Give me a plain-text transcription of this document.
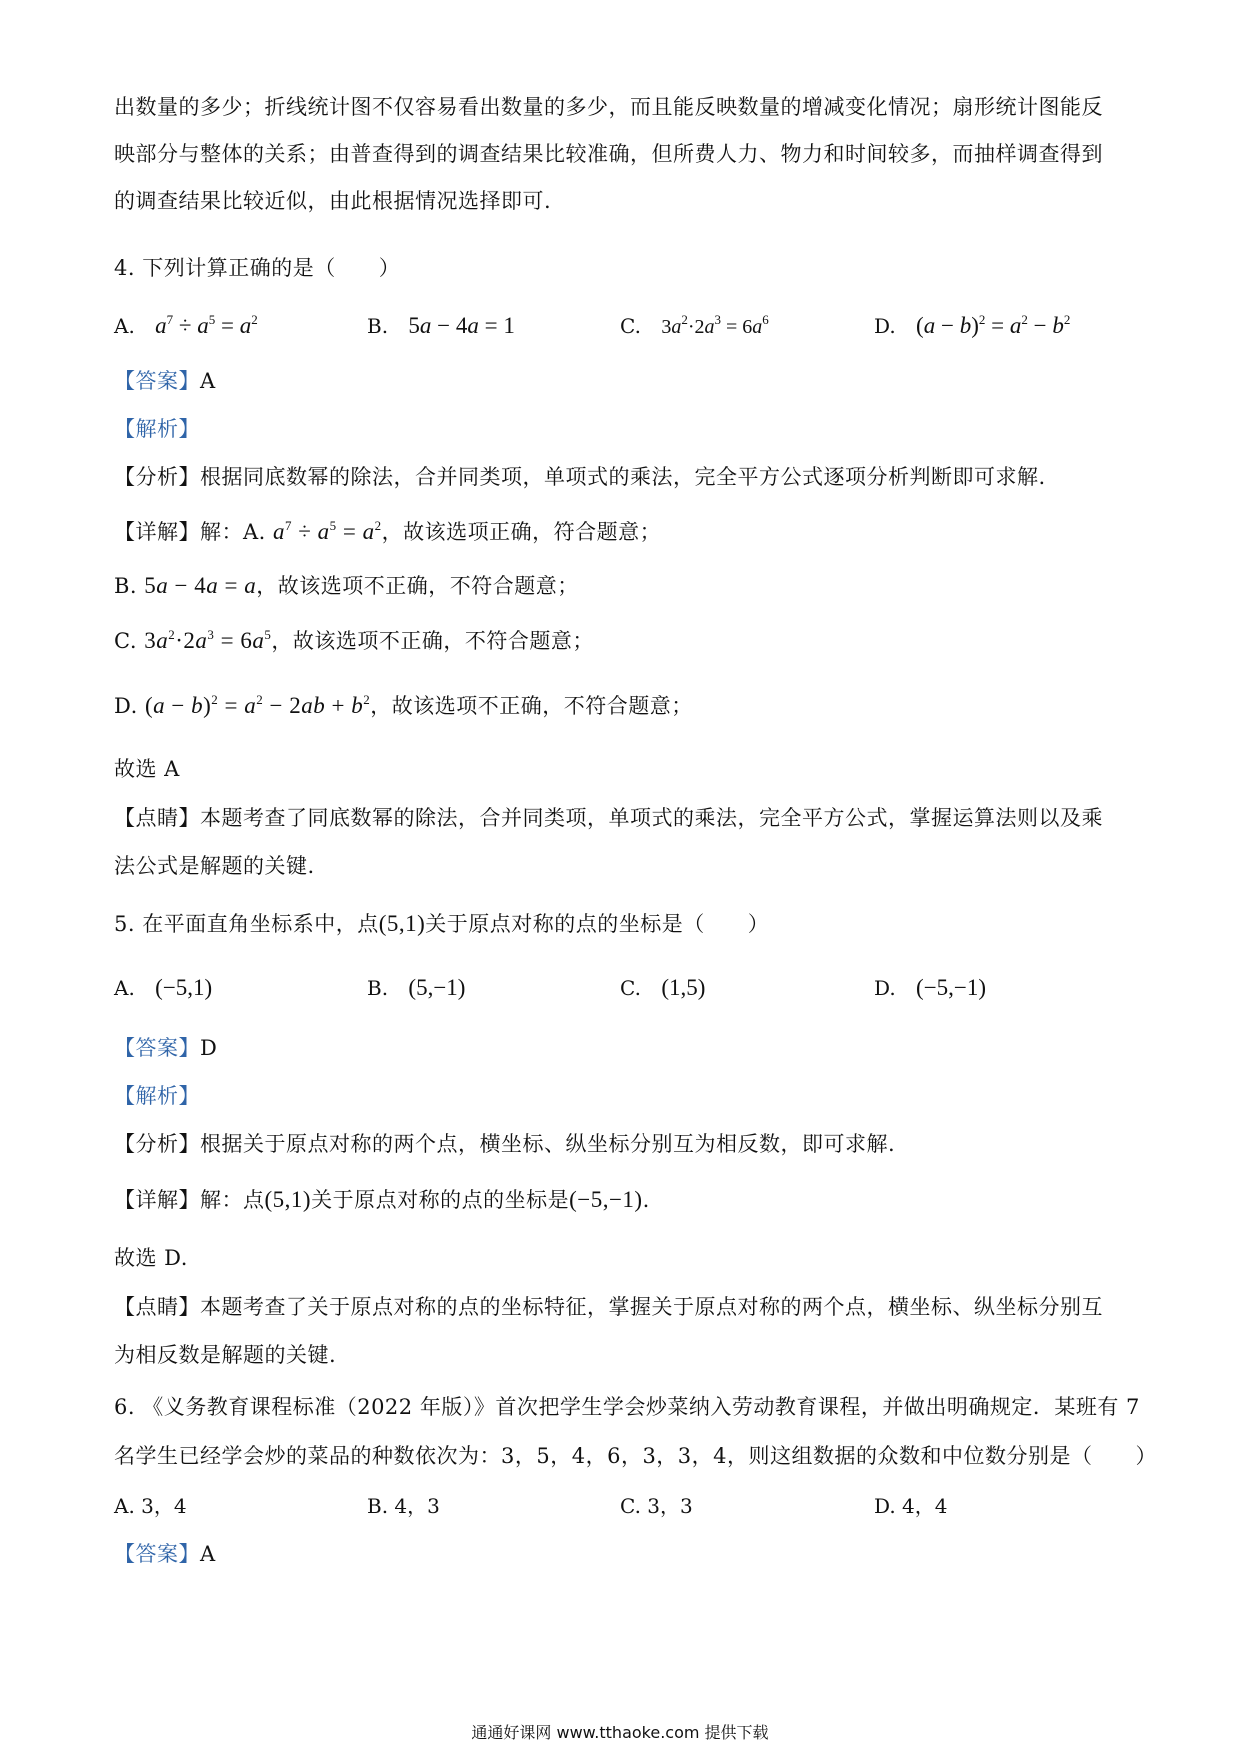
出数量的多少；折线统计图不仅容易看出数量的多少，而且能反映数量的增减变化情况；扇形统计图能反
映部分与整体的关系；由普查得到的调查结果比较准确，但所费人力、物力和时间较多，而抽样调查得到
的调查结果比较近似，由此根据情况选择即可.
4. 下列计算正确的是（　　）
A. $a^7 \div a^5 = a^2$	B. 5a − 4a = 1	C. $3a^2\cdot 2a^3 = 6a^6$	D. $(a - b)^2 = a^2 - b^2$
【答案】A
【解析】
【分析】根据同底数幂的除法，合并同类项，单项式的乘法，完全平方公式逐项分析判断即可求解.
【详解】解：A. $a^7 \div a^5 = a^2$，故该选项正确，符合题意；
B. 5a − 4a = a，故该选项不正确，不符合题意；
C. $3a^2\cdot 2a^3 = 6a^5$，故该选项不正确，不符合题意；
D. $(a - b)^2 = a^2 - 2ab + b^2$，故该选项不正确，不符合题意；
故选 A
【点睛】本题考查了同底数幂的除法，合并同类项，单项式的乘法，完全平方公式，掌握运算法则以及乘
法公式是解题的关键.
5. 在平面直角坐标系中，点(5,1)关于原点对称的点的坐标是（　　）
A. (−5,1)	B. (5,−1)	C. (1,5)	D. (−5,−1)
【答案】D
【解析】
【分析】根据关于原点对称的两个点，横坐标、纵坐标分别互为相反数，即可求解.
【详解】解：点(5,1)关于原点对称的点的坐标是(−5,−1).
故选 D.
【点睛】本题考查了关于原点对称的点的坐标特征，掌握关于原点对称的两个点，横坐标、纵坐标分别互
为相反数是解题的关键.
6. 《义务教育课程标准（2022 年版）》首次把学生学会炒菜纳入劳动教育课程，并做出明确规定．某班有 7
名学生已经学会炒的菜品的种数依次为：3，5，4，6，3，3，4，则这组数据的众数和中位数分别是（　　）
A. 3，4	B. 4，3	C. 3，3	D. 4，4
【答案】A
通通好课网 www.tthaoke.com 提供下载
